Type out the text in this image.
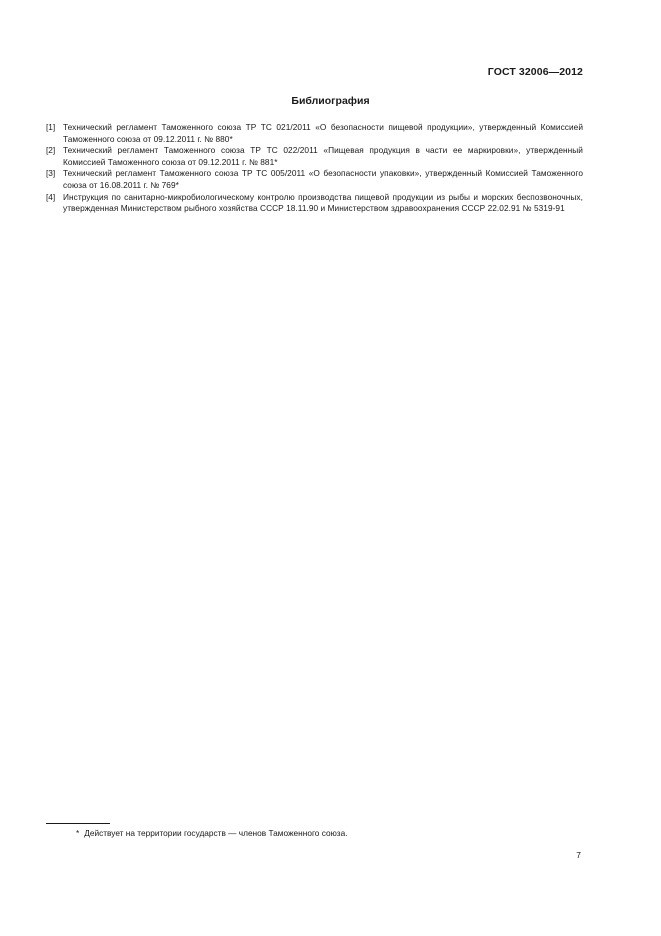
ГОСТ 32006—2012
Библиография
[1] Технический регламент Таможенного союза ТР ТС 021/2011 «О безопасности пищевой продукции», утвержденный Комиссией Таможенного союза от 09.12.2011 г. № 880*
[2] Технический регламент Таможенного союза ТР ТС 022/2011 «Пищевая продукция в части ее маркировки», утвержденный Комиссией Таможенного союза от 09.12.2011 г. № 881*
[3] Технический регламент Таможенного союза ТР ТС 005/2011 «О безопасности упаковки», утвержденный Комиссией Таможенного союза от 16.08.2011 г. № 769*
[4] Инструкция по санитарно-микробиологическому контролю производства пищевой продукции из рыбы и морских беспозвоночных, утвержденная Министерством рыбного хозяйства СССР 18.11.90 и Министерством здравоохранения СССР 22.02.91 № 5319-91
* Действует на территории государств — членов Таможенного союза.
7
